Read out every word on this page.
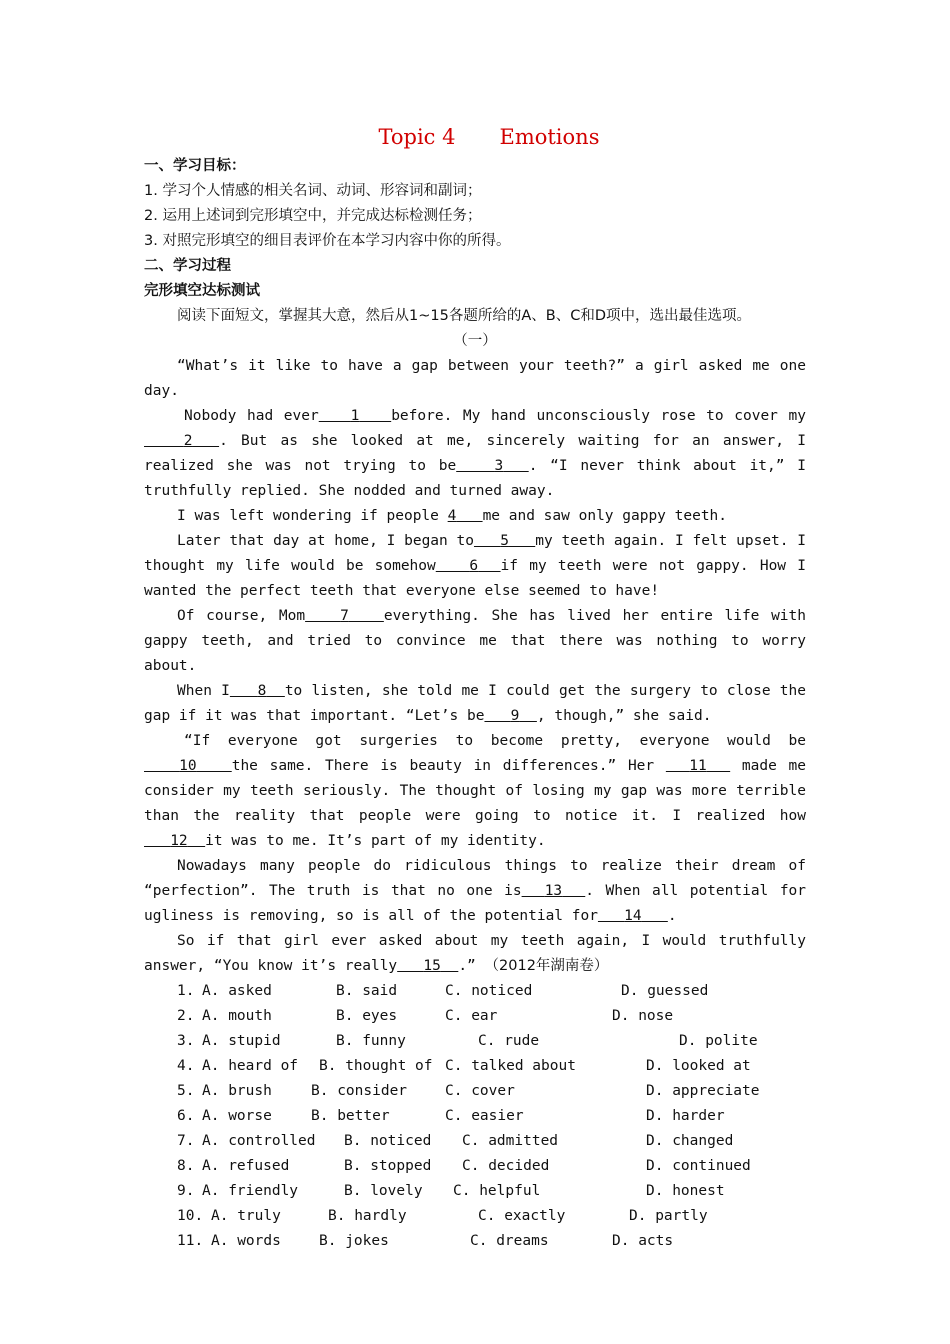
Topic 4 Emotions
一、学习目标：
1. 学习个人情感的相关名词、动词、形容词和副词；
2. 运用上述词到完形填空中，并完成达标检测任务；
3. 对照完形填空的细目表评价在本学习内容中你的所得。
二、学习过程
完形填空达标测试
阅读下面短文，掌握其大意，然后从1~15各题所给的A、B、C和D项中，选出最佳选项。
（一）

“What’s it like to have a gap between your teeth?” a girl asked me one day.

Nobody had ever 1 before. My hand unconsciously rose to cover my   2 . But as she looked at me, sincerely waiting for an answer, I realized she was not trying to be	3 . “I never think about it,” I truthfully replied. She nodded and turned away.

I was left wondering if people 4 me and saw only gappy teeth.

Later that day at home, I began to 5 my teeth again. I felt upset. I thought my life would be somehow 6 if my teeth were not gappy. How I wanted the perfect teeth that everyone else seemed to have!

Of course, Mom 7 everything. She has lived her entire life with gappy teeth, and tried to convince me that there was nothing to worry about.

When I 8 to listen, she told me I could get the surgery to close the gap if it was that important. “Let’s be 9 , though,” she said.

“If everyone got surgeries to become pretty, everyone would be   10 the same. There is beauty in differences.” Her 11 made me consider my teeth seriously. The thought of losing my gap was more terrible than the reality that people were going to notice it. I realized how   12 it was to me. It’s part of my identity.

Nowadays many people do ridiculous things to realize their dream of “perfection”. The truth is that no one is 13 . When all potential for ugliness is removing, so is all of the potential for 14 .

So if that girl ever asked about my teeth again, I would truthfully answer, “You know it’s really 15 .” （2012年湖南卷）

1. A. asked	B. said	C. noticed	D. guessed
2. A. mouth	B. eyes	C. ear	D. nose
3. A. stupid	B. funny	C. rude	D. polite
4. A. heard of B. thought of C. talked about	D. looked at
5. A. brush	B. consider	C. cover	D. appreciate
6. A. worse	B. better	C. easier	D. harder
7. A. controlled B. noticed C. admitted	D. changed
8. A. refused	B. stopped C. decided	D. continued
9. A. friendly	B. lovely C. helpful	D. honest
10. A. truly	B. hardly	C. exactly	D. partly
11. A. words	B. jokes	C. dreams	D. acts
